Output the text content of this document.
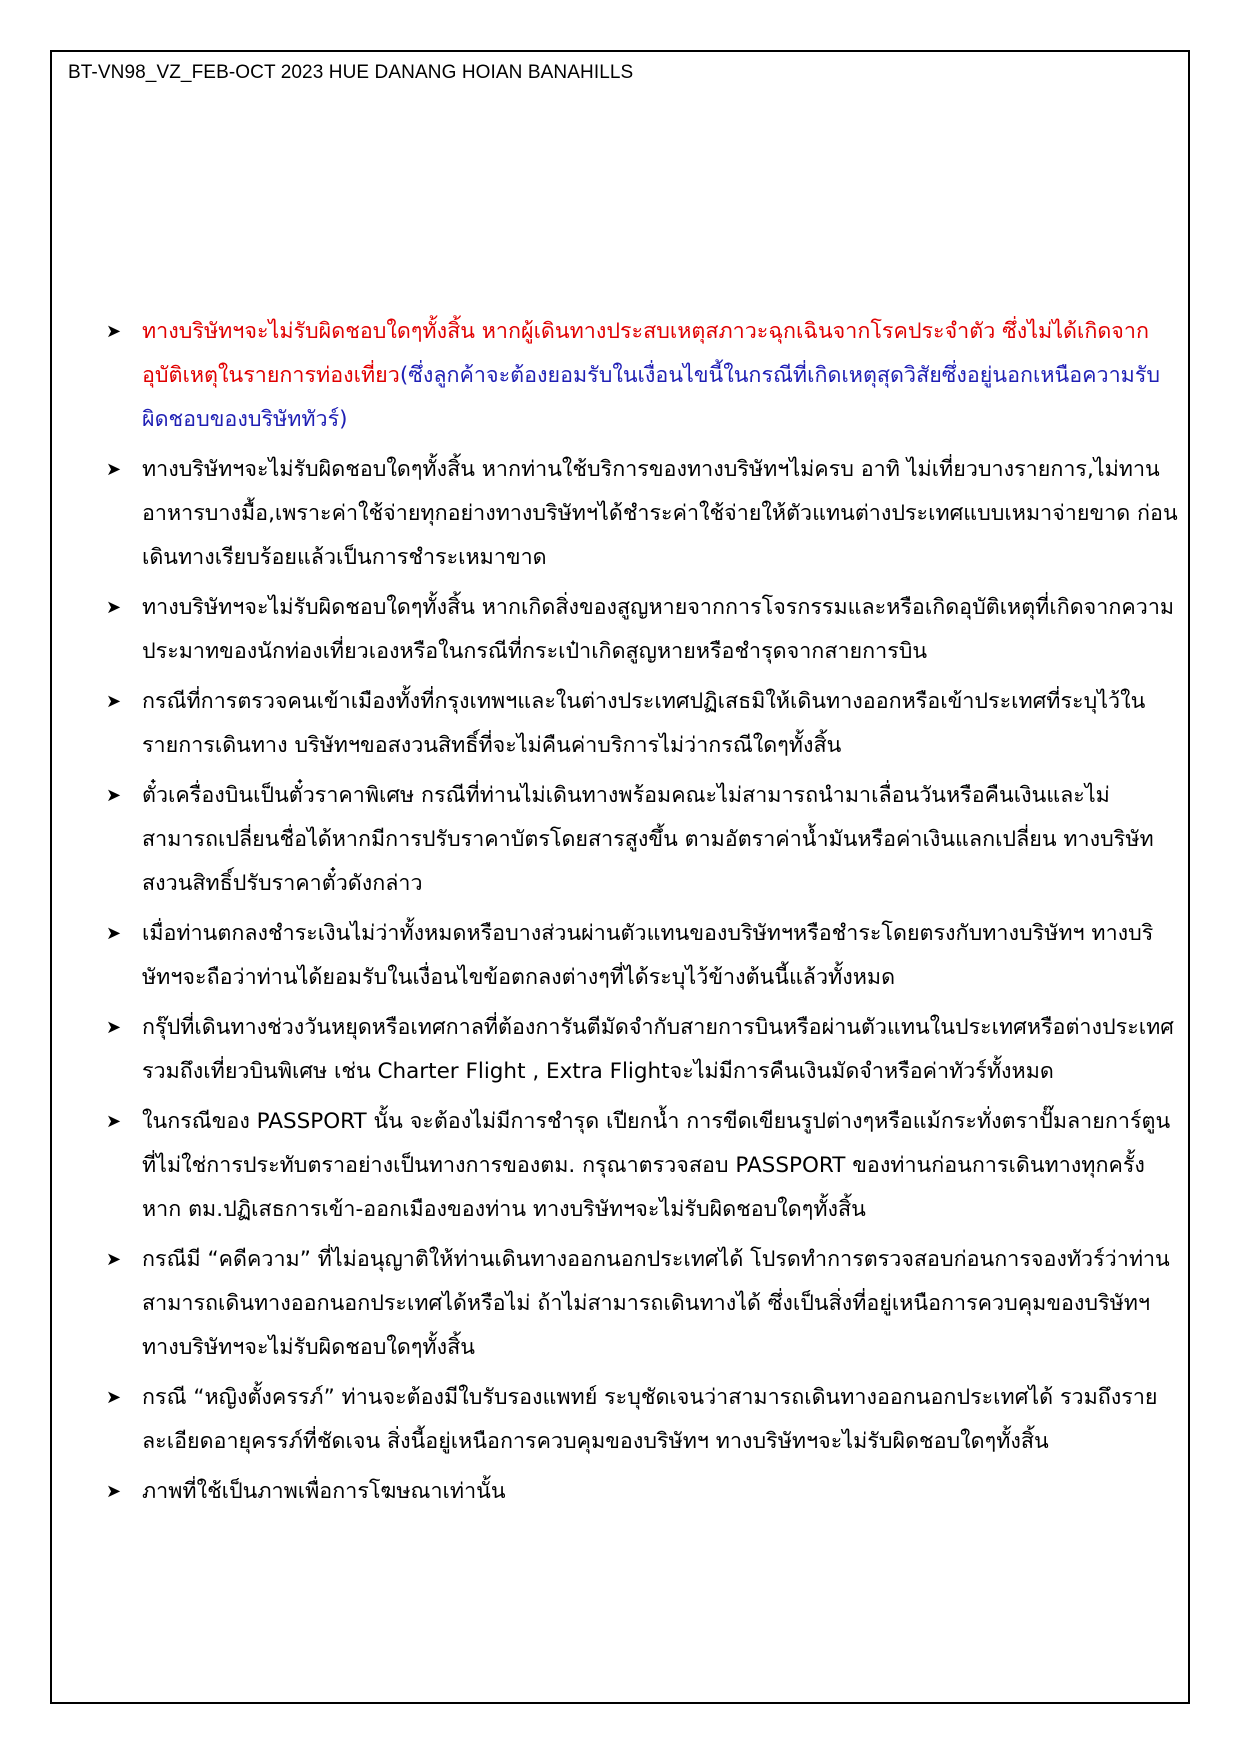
BT-VN98_VZ_FEB-OCT 2023 HUE DANANG HOIAN BANAHILLS
➤ ทางบริษัทฯจะไม่รับผิดชอบใดๆทั้งสิ้น หากผู้เดินทางประสบเหตุสภาวะฉุกเฉินจากโรคประจำตัว ซึ่งไม่ได้เกิดจากอุบัติเหตุในรายการท่องเที่ยว(ซึ่งลูกค้าจะต้องยอมรับในเงื่อนไขนี้ในกรณีที่เกิดเหตุสุดวิสัยซึ่งอยู่นอกเหนือความรับผิดชอบของบริษัททัวร์)
➤ ทางบริษัทฯจะไม่รับผิดชอบใดๆทั้งสิ้น หากท่านใช้บริการของทางบริษัทฯไม่ครบ อาทิ ไม่เที่ยวบางรายการ,ไม่ทานอาหารบางมื้อ,เพราะค่าใช้จ่ายทุกอย่างทางบริษัทฯได้ชำระค่าใช้จ่ายให้ตัวแทนต่างประเทศแบบเหมาจ่ายขาด ก่อนเดินทางเรียบร้อยแล้วเป็นการชำระเหมาขาด
➤ ทางบริษัทฯจะไม่รับผิดชอบใดๆทั้งสิ้น หากเกิดสิ่งของสูญหายจากการโจรกรรมและหรือเกิดอุบัติเหตุที่เกิดจากความประมาทของนักท่องเที่ยวเองหรือในกรณีที่กระเป๋าเกิดสูญหายหรือชำรุดจากสายการบิน
➤ กรณีที่การตรวจคนเข้าเมืองทั้งที่กรุงเทพฯและในต่างประเทศปฏิเสธมิให้เดินทางออกหรือเข้าประเทศที่ระบุไว้ในรายการเดินทาง บริษัทฯขอสงวนสิทธิ์ที่จะไม่คืนค่าบริการไม่ว่ากรณีใดๆทั้งสิ้น
➤ ตั๋วเครื่องบินเป็นตั๋วราคาพิเศษ กรณีที่ท่านไม่เดินทางพร้อมคณะไม่สามารถนำมาเลื่อนวันหรือคืนเงินและไม่สามารถเปลี่ยนชื่อได้หากมีการปรับราคาบัตรโดยสารสูงขึ้น ตามอัตราค่าน้ำมันหรือค่าเงินแลกเปลี่ยน ทางบริษัท สงวนสิทธิ์ปรับราคาตั๋วดังกล่าว
➤ เมื่อท่านตกลงชำระเงินไม่ว่าทั้งหมดหรือบางส่วนผ่านตัวแทนของบริษัทฯหรือชำระโดยตรงกับทางบริษัทฯ ทางบริษัทฯจะถือว่าท่านได้ยอมรับในเงื่อนไขข้อตกลงต่างๆที่ได้ระบุไว้ข้างต้นนี้แล้วทั้งหมด
➤ กรุ๊ปที่เดินทางช่วงวันหยุดหรือเทศกาลที่ต้องการันตีมัดจำกับสายการบินหรือผ่านตัวแทนในประเทศหรือต่างประเทศ รวมถึงเที่ยวบินพิเศษ เช่น Charter Flight , Extra Flightจะไม่มีการคืนเงินมัดจำหรือค่าทัวร์ทั้งหมด
➤ ในกรณีของ PASSPORT นั้น จะต้องไม่มีการชำรุด เปียกน้ำ การขีดเขียนรูปต่างๆหรือแม้กระทั่งตราปั๊มลายการ์ตูน ที่ไม่ใช่การประทับตราอย่างเป็นทางการของตม. กรุณาตรวจสอบ PASSPORT ของท่านก่อนการเดินทางทุกครั้ง หาก ตม.ปฏิเสธการเข้า-ออกเมืองของท่าน ทางบริษัทฯจะไม่รับผิดชอบใดๆทั้งสิ้น
➤ กรณีมี “คดีความ” ที่ไม่อนุญาติให้ท่านเดินทางออกนอกประเทศได้ โปรดทำการตรวจสอบก่อนการจองทัวร์ว่าท่านสามารถเดินทางออกนอกประเทศได้หรือไม่ ถ้าไม่สามารถเดินทางได้ ซึ่งเป็นสิ่งที่อยู่เหนือการควบคุมของบริษัทฯ ทางบริษัทฯจะไม่รับผิดชอบใดๆทั้งสิ้น
➤ กรณี “หญิงตั้งครรภ์” ท่านจะต้องมีใบรับรองแพทย์ ระบุชัดเจนว่าสามารถเดินทางออกนอกประเทศได้ รวมถึงรายละเอียดอายุครรภ์ที่ชัดเจน สิ่งนี้อยู่เหนือการควบคุมของบริษัทฯ ทางบริษัทฯจะไม่รับผิดชอบใดๆทั้งสิ้น
➤ ภาพที่ใช้เป็นภาพเพื่อการโฆษณาเท่านั้น
